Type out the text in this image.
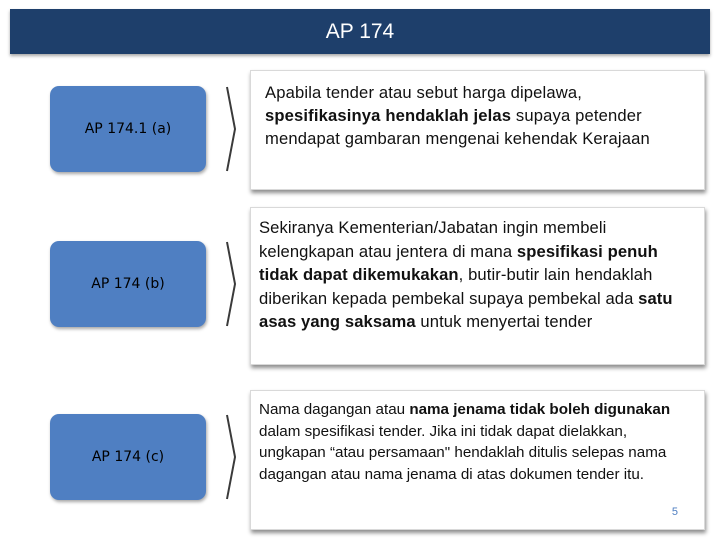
AP 174
AP 174.1 (a)
Apabila tender atau sebut harga dipelawa, spesifikasinya hendaklah jelas supaya petender mendapat gambaran mengenai kehendak Kerajaan
AP 174 (b)
Sekiranya Kementerian/Jabatan ingin membeli kelengkapan atau jentera di mana spesifikasi penuh tidak dapat dikemukakan, butir-butir lain hendaklah diberikan kepada pembekal supaya pembekal ada satu asas yang saksama untuk menyertai tender
AP 174 (c)
Nama dagangan atau nama jenama tidak boleh digunakan dalam spesifikasi tender. Jika ini tidak dapat dielakkan, ungkapan “atau persamaan" hendaklah ditulis selepas nama dagangan atau nama jenama di atas dokumen tender itu.
5
